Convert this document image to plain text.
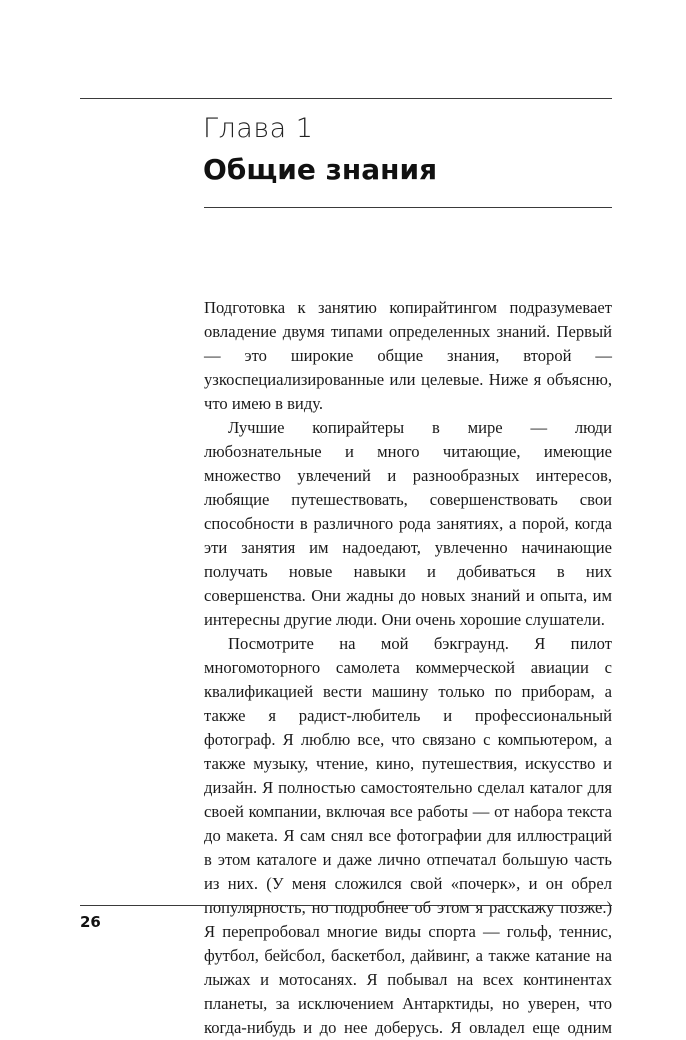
Глава 1
Общие знания

Подготовка к занятию копирайтингом подразумевает овладение двумя типами определенных знаний. Первый — это широкие общие знания, второй — узкоспециализированные или целевые. Ниже я объясню, что имею в виду.

Лучшие копирайтеры в мире — люди любознательные и много читающие, имеющие множество увлечений и разнообразных интересов, любящие путешествовать, совершенствовать свои способности в различного рода занятиях, а порой, когда эти занятия им надоедают, увлеченно начинающие получать новые навыки и добиваться в них совершенства. Они жадны до новых знаний и опыта, им интересны другие люди. Они очень хорошие слушатели.

Посмотрите на мой бэкграунд. Я пилот многомоторного самолета коммерческой авиации с квалификацией вести машину только по приборам, а также я радист-любитель и профессиональный фотограф. Я люблю все, что связано с компьютером, а также музыку, чтение, кино, путешествия, искусство и дизайн. Я полностью самостоятельно сделал каталог для своей компании, включая все работы — от набора текста до макета. Я сам снял все фотографии для иллюстраций в этом каталоге и даже лично отпечатал большую часть из них. (У меня сложился свой «почерк», и он обрел популярность, но подробнее об этом я расскажу позже.) Я перепробовал многие виды спорта — гольф, теннис, футбол, бейсбол, баскетбол, дайвинг, а также катание на лыжах и мотосанях. Я побывал на всех континентах планеты, за исключением Антарктиды, но уверен, что когда-нибудь и до нее доберусь. Я овладел еще одним

26
